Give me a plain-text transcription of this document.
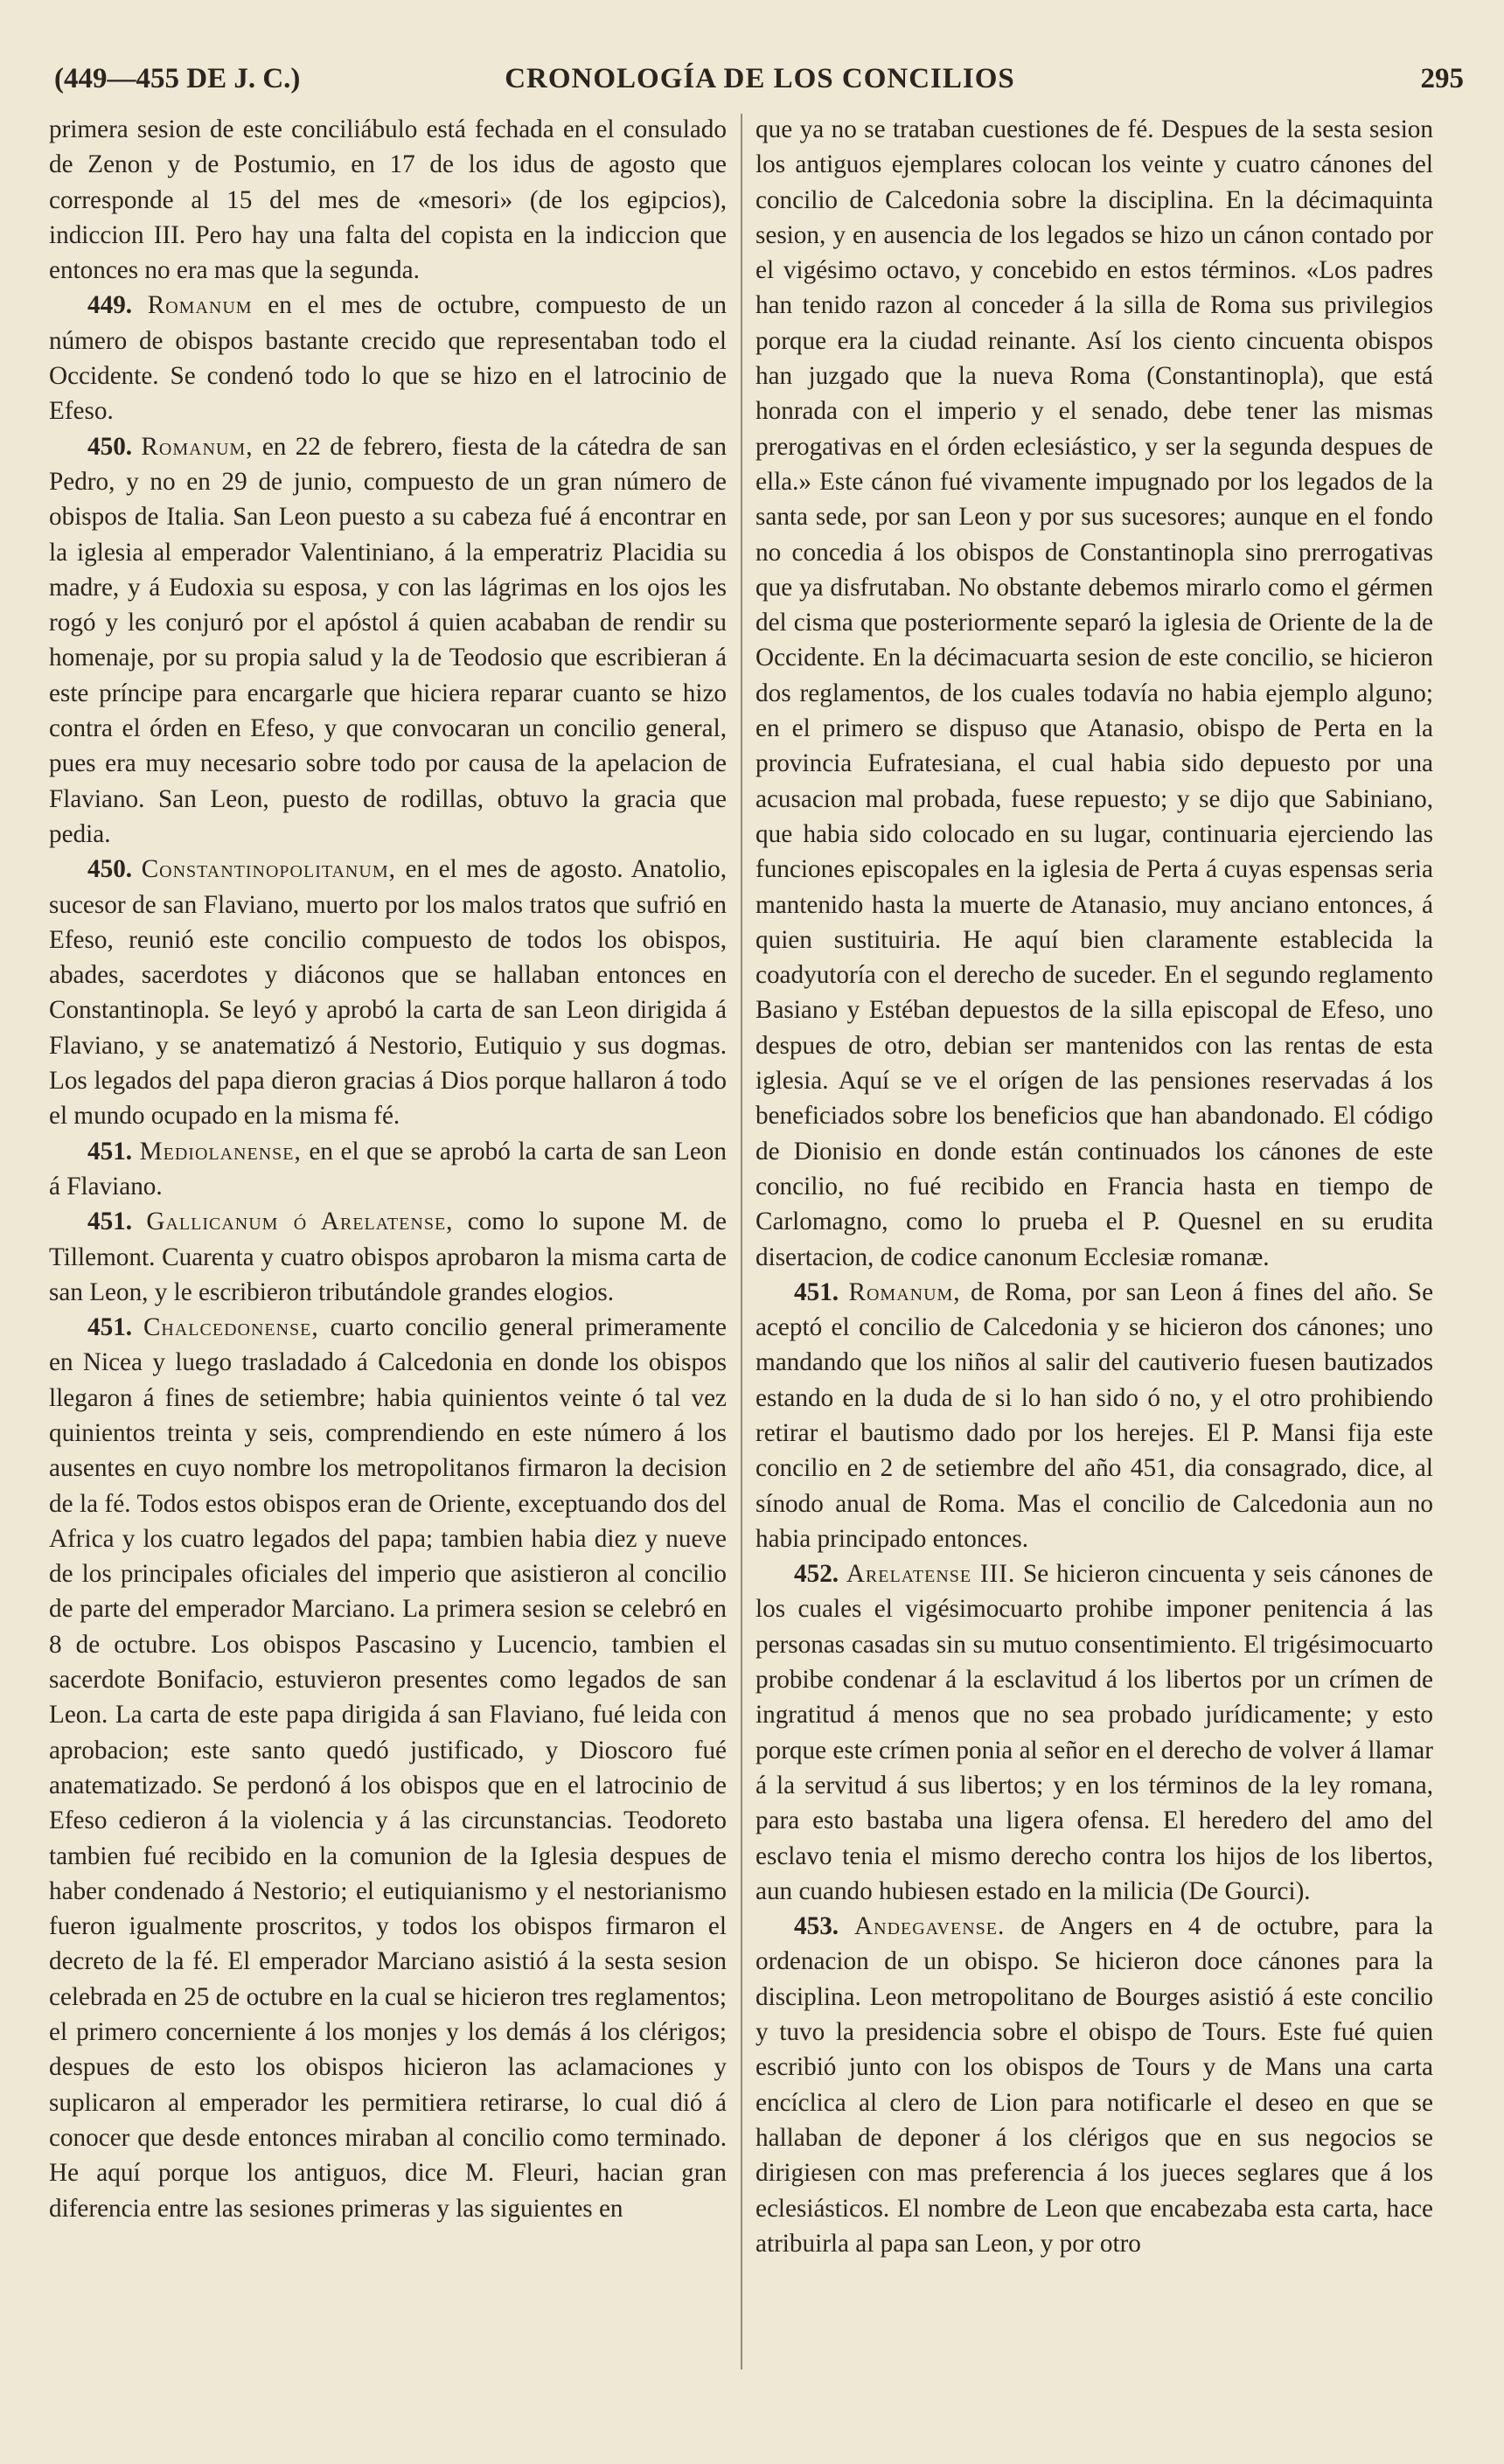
(449—455 DE J. C.)	CRONOLOGÍA DE LOS CONCILIOS	295

primera sesion de este conciliábulo está fechada en el consulado de Zenon y de Postumio, en 17 de los idus de agosto que corresponde al 15 del mes de «mesori» (de los egipcios), indiccion III. Pero hay una falta del copista en la indiccion que entonces no era mas que la segunda.

449. Romanum en el mes de octubre, compuesto de un número de obispos bastante crecido que representaban todo el Occidente. Se condenó todo lo que se hizo en el latrocinio de Efeso.

450. Romanum, en 22 de febrero, fiesta de la cátedra de san Pedro, y no en 29 de junio, compuesto de un gran número de obispos de Italia. San Leon puesto a su cabeza fué á encontrar en la iglesia al emperador Valentiniano, á la emperatriz Placidia su madre, y á Eudoxia su esposa, y con las lágrimas en los ojos les rogó y les conjuró por el apóstol á quien acababan de rendir su homenaje, por su propia salud y la de Teodosio que escribieran á este príncipe para encargarle que hiciera reparar cuanto se hizo contra el órden en Efeso, y que convocaran un concilio general, pues era muy necesario sobre todo por causa de la apelacion de Flaviano. San Leon, puesto de rodillas, obtuvo la gracia que pedia.

450. Constantinopolitanum, en el mes de agosto. Anatolio, sucesor de san Flaviano, muerto por los malos tratos que sufrió en Efeso, reunió este concilio compuesto de todos los obispos, abades, sacerdotes y diáconos que se hallaban entonces en Constantinopla. Se leyó y aprobó la carta de san Leon dirigida á Flaviano, y se anatematizó á Nestorio, Eutiquio y sus dogmas. Los legados del papa dieron gracias á Dios porque hallaron á todo el mundo ocupado en la misma fé.

451. Mediolanense, en el que se aprobó la carta de san Leon á Flaviano.

451. Gallicanum ó Arelatense, como lo supone M. de Tillemont. Cuarenta y cuatro obispos aprobaron la misma carta de san Leon, y le escribieron tributándole grandes elogios.

451. Chalcedonense, cuarto concilio general primeramente en Nicea y luego trasladado á Calcedonia en donde los obispos llegaron á fines de setiembre; habia quinientos veinte ó tal vez quinientos treinta y seis, comprendiendo en este número á los ausentes en cuyo nombre los metropolitanos firmaron la decision de la fé. Todos estos obispos eran de Oriente, exceptuando dos del Africa y los cuatro legados del papa; tambien habia diez y nueve de los principales oficiales del imperio que asistieron al concilio de parte del emperador Marciano. La primera sesion se celebró en 8 de octubre. Los obispos Pascasino y Lucencio, tambien el sacerdote Bonifacio, estuvieron presentes como legados de san Leon. La carta de este papa dirigida á san Flaviano, fué leida con aprobacion; este santo quedó justificado, y Dioscoro fué anatematizado. Se perdonó á los obispos que en el latrocinio de Efeso cedieron á la violencia y á las circunstancias. Teodoreto tambien fué recibido en la comunion de la Iglesia despues de haber condenado á Nestorio; el eutiquianismo y el nestorianismo fueron igualmente proscritos, y todos los obispos firmaron el decreto de la fé. El emperador Marciano asistió á la sesta sesion celebrada en 25 de octubre en la cual se hicieron tres reglamentos; el primero concerniente á los monjes y los demás á los clérigos; despues de esto los obispos hicieron las aclamaciones y suplicaron al emperador les permitiera retirarse, lo cual dió á conocer que desde entonces miraban al concilio como terminado. He aquí porque los antiguos, dice M. Fleuri, hacian gran diferencia entre las sesiones primeras y las siguientes en

que ya no se trataban cuestiones de fé. Despues de la sesta sesion los antiguos ejemplares colocan los veinte y cuatro cánones del concilio de Calcedonia sobre la disciplina. En la décimaquinta sesion, y en ausencia de los legados se hizo un cánon contado por el vigésimo octavo, y concebido en estos términos. «Los padres han tenido razon al conceder á la silla de Roma sus privilegios porque era la ciudad reinante. Así los ciento cincuenta obispos han juzgado que la nueva Roma (Constantinopla), que está honrada con el imperio y el senado, debe tener las mismas prerogativas en el órden eclesiástico, y ser la segunda despues de ella.» Este cánon fué vivamente impugnado por los legados de la santa sede, por san Leon y por sus sucesores; aunque en el fondo no concedia á los obispos de Constantinopla sino prerrogativas que ya disfrutaban. No obstante debemos mirarlo como el gérmen del cisma que posteriormente separó la iglesia de Oriente de la de Occidente. En la décimacuarta sesion de este concilio, se hicieron dos reglamentos, de los cuales todavía no habia ejemplo alguno; en el primero se dispuso que Atanasio, obispo de Perta en la provincia Eufratesiana, el cual habia sido depuesto por una acusacion mal probada, fuese repuesto; y se dijo que Sabiniano, que habia sido colocado en su lugar, continuaria ejerciendo las funciones episcopales en la iglesia de Perta á cuyas espensas seria mantenido hasta la muerte de Atanasio, muy anciano entonces, á quien sustituiria. He aquí bien claramente establecida la coadyutoría con el derecho de suceder. En el segundo reglamento Basiano y Estéban depuestos de la silla episcopal de Efeso, uno despues de otro, debian ser mantenidos con las rentas de esta iglesia. Aquí se ve el orígen de las pensiones reservadas á los beneficiados sobre los beneficios que han abandonado. El código de Dionisio en donde están continuados los cánones de este concilio, no fué recibido en Francia hasta en tiempo de Carlomagno, como lo prueba el P. Quesnel en su erudita disertacion, de codice canonum Ecclesiæ romanæ.

451. Romanum, de Roma, por san Leon á fines del año. Se aceptó el concilio de Calcedonia y se hicieron dos cánones; uno mandando que los niños al salir del cautiverio fuesen bautizados estando en la duda de si lo han sido ó no, y el otro prohibiendo retirar el bautismo dado por los herejes. El P. Mansi fija este concilio en 2 de setiembre del año 451, dia consagrado, dice, al sínodo anual de Roma. Mas el concilio de Calcedonia aun no habia principado entonces.

452. Arelatense III. Se hicieron cincuenta y seis cánones de los cuales el vigésimocuarto prohibe imponer penitencia á las personas casadas sin su mutuo consentimiento. El trigésimocuarto probibe condenar á la esclavitud á los libertos por un crímen de ingratitud á menos que no sea probado jurídicamente; y esto porque este crímen ponia al señor en el derecho de volver á llamar á la servitud á sus libertos; y en los términos de la ley romana, para esto bastaba una ligera ofensa. El heredero del amo del esclavo tenia el mismo derecho contra los hijos de los libertos, aun cuando hubiesen estado en la milicia (De Gourci).

453. Andegavense. de Angers en 4 de octubre, para la ordenacion de un obispo. Se hicieron doce cánones para la disciplina. Leon metropolitano de Bourges asistió á este concilio y tuvo la presidencia sobre el obispo de Tours. Este fué quien escribió junto con los obispos de Tours y de Mans una carta encíclica al clero de Lion para notificarle el deseo en que se hallaban de deponer á los clérigos que en sus negocios se dirigiesen con mas preferencia á los jueces seglares que á los eclesiásticos. El nombre de Leon que encabezaba esta carta, hace atribuirla al papa san Leon, y por otro
